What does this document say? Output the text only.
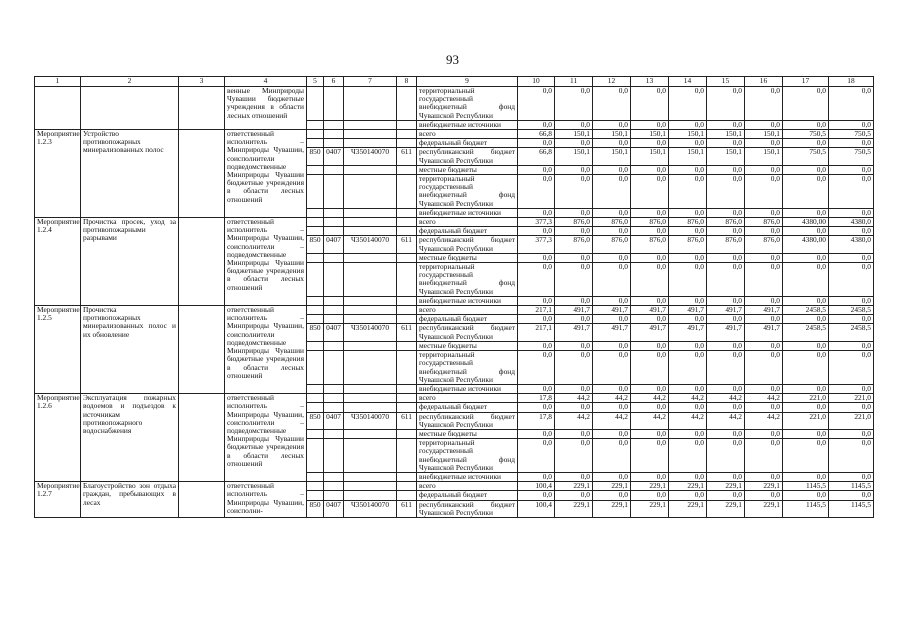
93
1	2	3	4	5	6	7	8	9	10	11	12	13	14	15	16	17	18
			венные Минприроды Чувашии бюджетные учреждения в области лесных отношений					территориальный государственный внебюджетный фонд Чувашской Республики	0,0	0,0	0,0	0,0	0,0	0,0	0,0	0,0	0,0
								внебюджетные источники	0,0	0,0	0,0	0,0	0,0	0,0	0,0	0,0	0,0
Мероприятие 1.2.3	Устройство противопожарных минерализованных полос		ответственный исполнитель – Минприроды Чувашии, соисполнители подведомственные Минприроды Чувашии бюджетные учреждения в области лесных отношений					всего	66,8	150,1	150,1	150,1	150,1	150,1	150,1	750,5	750,5
								федеральный бюджет	0,0	0,0	0,0	0,0	0,0	0,0	0,0	0,0	0,0
				850	0407	Ч350140070	611	республиканский бюджет Чувашской Республики	66,8	150,1	150,1	150,1	150,1	150,1	150,1	750,5	750,5
								местные бюджеты	0,0	0,0	0,0	0,0	0,0	0,0	0,0	0,0	0,0
								территориальный государственный внебюджетный фонд Чувашской Республики	0,0	0,0	0,0	0,0	0,0	0,0	0,0	0,0	0,0
								внебюджетные источники	0,0	0,0	0,0	0,0	0,0	0,0	0,0	0,0	0,0
Мероприятие 1.2.4	Прочистка просек, уход за противопожарными разрывами		ответственный исполнитель – Минприроды Чувашии, соисполнители – подведомственные Минприроды Чувашии бюджетные учреждения в области лесных отношений					всего	377,3	876,0	876,0	876,0	876,0	876,0	876,0	4380,00	4380,0
								федеральный бюджет	0,0	0,0	0,0	0,0	0,0	0,0	0,0	0,0	0,0
				850	0407	Ч350140070	611	республиканский бюджет Чувашской Республики	377,3	876,0	876,0	876,0	876,0	876,0	876,0	4380,00	4380,0
								местные бюджеты	0,0	0,0	0,0	0,0	0,0	0,0	0,0	0,0	0,0
								территориальный государственный внебюджетный фонд Чувашской Республики	0,0	0,0	0,0	0,0	0,0	0,0	0,0	0,0	0,0
								внебюджетные источники	0,0	0,0	0,0	0,0	0,0	0,0	0,0	0,0	0,0
Мероприятие 1.2.5	Прочистка противопожарных минерализованных полос и их обновление		ответственный исполнитель – Минприроды Чувашии, соисполнители подведомственные Минприроды Чувашии бюджетные учреждения в области лесных отношений					всего	217,1	491,7	491,7	491,7	491,7	491,7	491,7	2458,5	2458,5
								федеральный бюджет	0,0	0,0	0,0	0,0	0,0	0,0	0,0	0,0	0,0
				850	0407	Ч350140070	611	республиканский бюджет Чувашской Республики	217,1	491,7	491,7	491,7	491,7	491,7	491,7	2458,5	2458,5
								местные бюджеты	0,0	0,0	0,0	0,0	0,0	0,0	0,0	0,0	0,0
								территориальный государственный внебюджетный фонд Чувашской Республики	0,0	0,0	0,0	0,0	0,0	0,0	0,0	0,0	0,0
								внебюджетные источники	0,0	0,0	0,0	0,0	0,0	0,0	0,0	0,0	0,0
Мероприятие 1.2.6	Эксплуатация пожарных водоемов и подъездов к источникам противопожарного водоснабжения		ответственный исполнитель – Минприроды Чувашии, соисполнители – подведомственные Минприроды Чувашии бюджетные учреждения в области лесных отношений					всего	17,8	44,2	44,2	44,2	44,2	44,2	44,2	221,0	221,0
								федеральный бюджет	0,0	0,0	0,0	0,0	0,0	0,0	0,0	0,0	0,0
				850	0407	Ч350140070	611	республиканский бюджет Чувашской Республики	17,8	44,2	44,2	44,2	44,2	44,2	44,2	221,0	221,0
								местные бюджеты	0,0	0,0	0,0	0,0	0,0	0,0	0,0	0,0	0,0
								территориальный государственный внебюджетный фонд Чувашской Республики	0,0	0,0	0,0	0,0	0,0	0,0	0,0	0,0	0,0
								внебюджетные источники	0,0	0,0	0,0	0,0	0,0	0,0	0,0	0,0	0,0
Мероприятие 1.2.7	Благоустройство зон отдыха граждан, пребывающих в лесах		ответственный исполнитель – Минприроды Чувашии, соисполни-					всего	100,4	229,1	229,1	229,1	229,1	229,1	229,1	1145,5	1145,5
								федеральный бюджет	0,0	0,0	0,0	0,0	0,0	0,0	0,0	0,0	0,0
				850	0407	Ч350140070	611	республиканский бюджет Чувашской Республики	100,4	229,1	229,1	229,1	229,1	229,1	229,1	1145,5	1145,5
